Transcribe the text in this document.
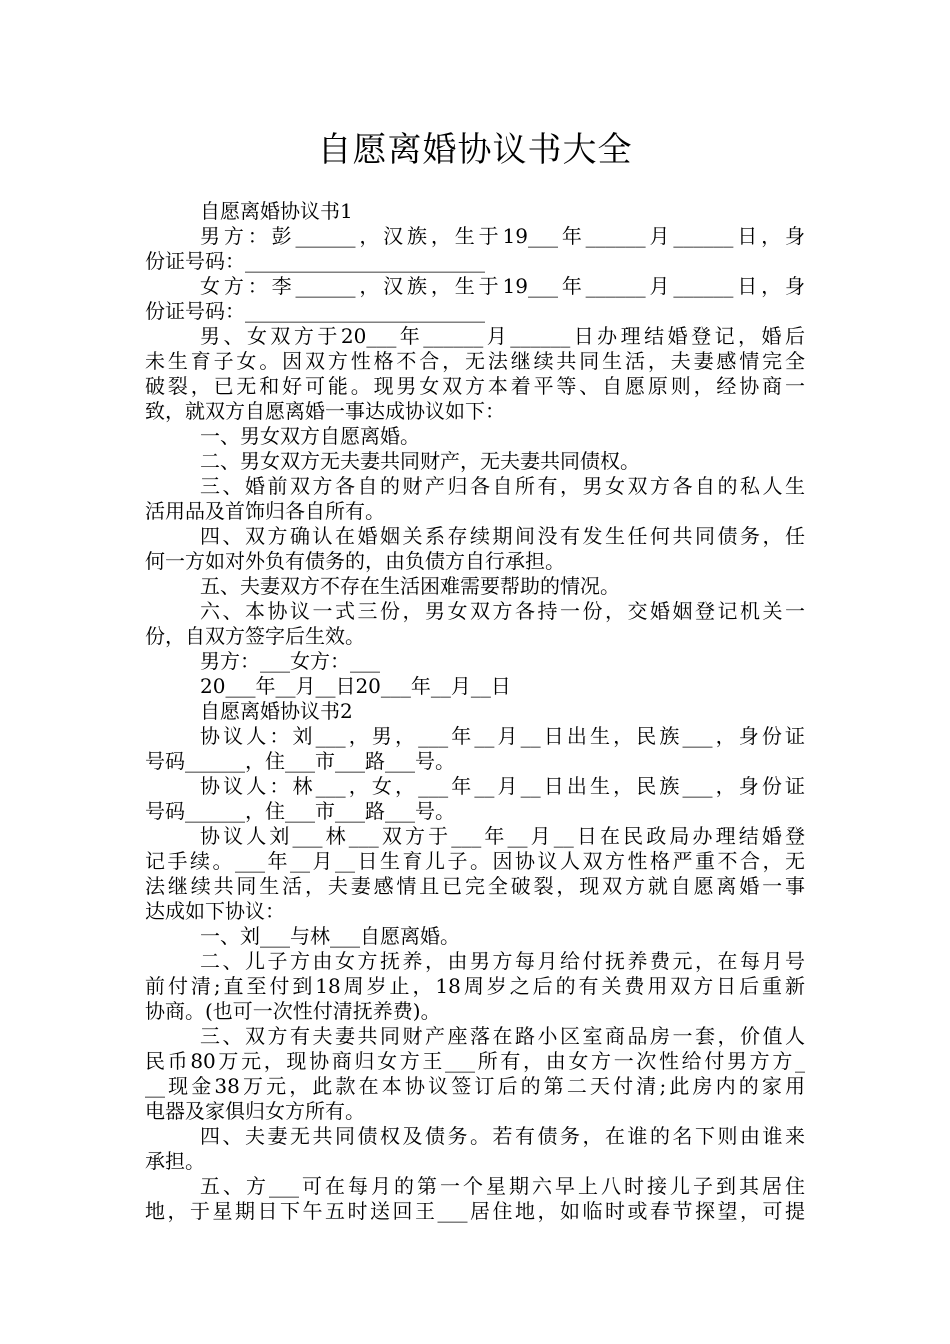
自愿离婚协议书大全
自愿离婚协议书1
男方：彭______，汉族，生于19___年______月______日，身
份证号码：________________________
女方：李______，汉族，生于19___年______月______日，身
份证号码：________________________
男、女双方于20___年______月______日办理结婚登记，婚后
未生育子女。因双方性格不合，无法继续共同生活，夫妻感情完全
破裂，已无和好可能。现男女双方本着平等、自愿原则，经协商一
致，就双方自愿离婚一事达成协议如下：
一、男女双方自愿离婚。
二、男女双方无夫妻共同财产，无夫妻共同债权。
三、婚前双方各自的财产归各自所有，男女双方各自的私人生
活用品及首饰归各自所有。
四、双方确认在婚姻关系存续期间没有发生任何共同债务，任
何一方如对外负有债务的，由负债方自行承担。
五、夫妻双方不存在生活困难需要帮助的情况。
六、本协议一式三份，男女双方各持一份，交婚姻登记机关一
份，自双方签字后生效。
男方：___女方：___
20___年__月__日20___年__月__日
自愿离婚协议书2
协议人：刘___，男，___年__月__日出生，民族___，身份证
号码______，住___市___路___号。
协议人：林___，女，___年__月__日出生，民族___，身份证
号码______，住___市___路___号。
协议人刘___林___双方于___年__月__日在民政局办理结婚登
记手续。___年__月__日生育儿子。因协议人双方性格严重不合，无
法继续共同生活，夫妻感情且已完全破裂，现双方就自愿离婚一事
达成如下协议：
一、刘___与林___自愿离婚。
二、儿子方由女方抚养，由男方每月给付抚养费元，在每月号
前付清;直至付到18周岁止，18周岁之后的有关费用双方日后重新
协商。(也可一次性付清抚养费)。
三、双方有夫妻共同财产座落在路小区室商品房一套，价值人
民币80万元，现协商归女方王___所有，由女方一次性给付男方方_
__现金38万元，此款在本协议签订后的第二天付清;此房内的家用
电器及家俱归女方所有。
四、夫妻无共同债权及债务。若有债务，在谁的名下则由谁来
承担。
五、方___可在每月的第一个星期六早上八时接儿子到其居住
地，于星期日下午五时送回王___居住地，如临时或春节探望，可提
